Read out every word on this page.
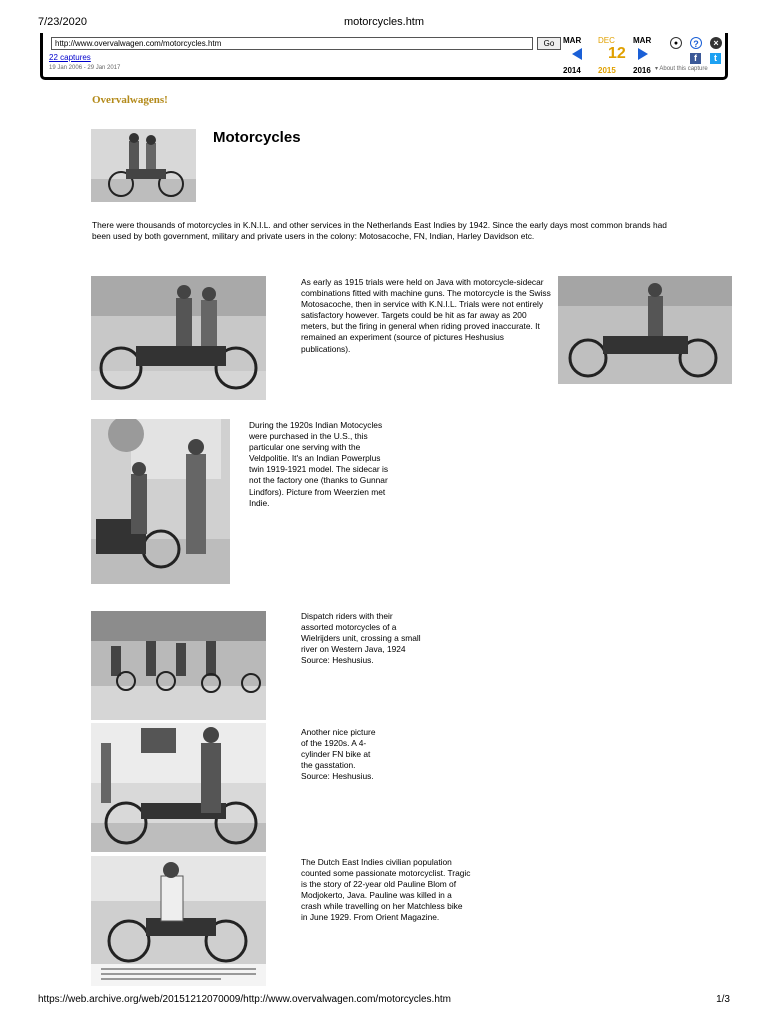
7/23/2020	motorcycles.htm
http://www.overvalwagen.com/motorcycles.htm	Go
22 captures
19 Jan 2006 - 29 Jan 2017
MAR DEC MAR
12
2014 2015 2016
●	?	×
f	t
▾ About this capture
Overvalwagens!
Motorcycles
There were thousands of motorcycles in K.N.I.L. and other services in the Netherlands East Indies by 1942. Since the early days most common brands had been used by both government, military and private users in the colony: Motosacoche, FN, Indian, Harley Davidson etc.
As early as 1915 trials were held on Java with motorcycle-sidecar combinations fitted with machine guns. The motorcycle is the Swiss Motosacoche, then in service with K.N.I.L. Trials were not entirely satisfactory however. Targets could be hit as far away as 200 meters, but the firing in general when riding proved inaccurate. It remained an experiment (source of pictures Heshusius publications).
During the 1920s Indian Motocycles were purchased in the U.S., this particular one serving with the Veldpolitie. It's an Indian Powerplus twin 1919-1921 model. The sidecar is not the factory one (thanks to Gunnar Lindfors). Picture from Weerzien met Indie.
Dispatch riders with their assorted motorcycles of a Wielrijders unit, crossing a small river on Western Java, 1924 Source: Heshusius.
Another nice picture of the 1920s. A 4-cylinder FN bike at the gasstation. Source: Heshusius.
The Dutch East Indies civilian population counted some passionate motorcyclist. Tragic is the story of 22-year old Pauline Blom of Modjokerto, Java. Pauline was killed in a crash while travelling on her Matchless bike in June 1929. From Orient Magazine.
https://web.archive.org/web/20151212070009/http://www.overvalwagen.com/motorcycles.htm	1/3
